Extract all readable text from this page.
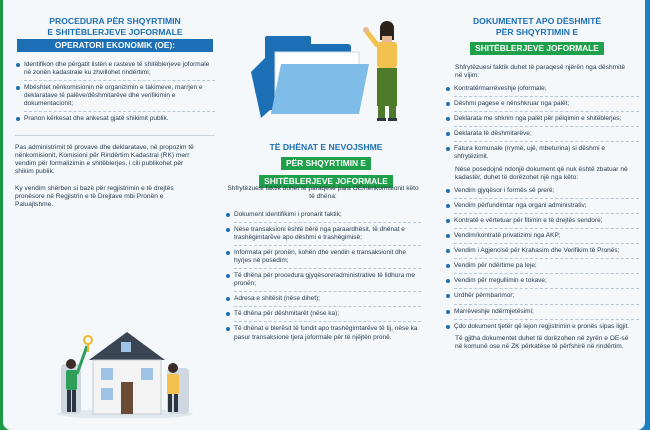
PROCEDURA PËR SHQYRTIMIN
E SHITËBLERJEVE JOFORMALE
OPERATORI EKONOMIK (OE):
Identifikon dhe përgatit listën e rasteve të shitëblerjeve joformale në zonën kadastrale ku zhvillohet rindërtimi;
Mbështet nënkomisionin në organizimin e takimeve, marrjen e deklaratave të palëve/dëshmitarëve dhe verifikimin e dokumentacionit;
Pranon kërkesat dhe ankesat gjatë shikimit publik.

Pas administrimit të provave dhe deklaratave, në propozim të nënkomisionit, Komisioni për Rindërtim Kadastral (RK) merr vendim për formalizimin e shitëblerjes, i cili publikohet për shikim publik.

Ky vendim shërben si bazë për regjistrimin e të drejtës pronësore në Regjistrin e të Drejtave mbi Pronën e Paluajtshme.

TË DHËNAT E NEVOJSHME
PËR SHQYRTIMIN E
SHITËBLERJEVE JOFORMALE

Shfrytëzuesi faktik duhet të paraqesë para OE/nënkomisionit këto të dhëna:

Dokument identifikimi i pronarit faktik;
Nëse transaksioni është bërë nga paraardhësit, të dhënat e trashëgimtarëve apo dëshmi e trashëgimisë;
Informata për pronën, kohën dhe vendin e transaksionit dhe hyrjes në posedim;
Të dhëna për procedura gjyqësore/administrative të lidhura me pronën;
Adresa e shitësit (nëse dihet);
Të dhëna për dëshmitarët (nëse ka);
Të dhënat e blerësit të fundit apo trashëgimtarëve të tij, nëse ka pasur transaksione tjera joformale për të njëjtën pronë.
DOKUMENTET APO DËSHMITË
PËR SHQYRTIMIN E
SHITËBLERJEVE JOFORMALE

Shfrytëzuesi faktik duhet të paraqesë njërën nga dëshmitë në vijim:

Kontratë/marrëveshje joformale;
Dëshmi pagese e nënshkruar nga palët;
Deklarata me shkrim nga palët për pëlqimin e shitëblerjes;
Deklarata të dëshmitarëve;
Fatura komunale (rrymë, ujë, mbeturina) si dëshmi e shfrytëzimit.

Nëse posedojnë ndonjë dokument që nuk është zbatuar në kadastër, duhet të dorëzohet një nga këto:

Vendim gjyqësor i formës së prerë;
Vendim përfundimtar nga organi administrativ;
Kontratë e vërtetuar për fitimin e të drejtës sendore;
Vendim/kontratë privatizimi nga AKP;
Vendim i Agjencisë për Krahasim dhe Verifikim të Pronës;
Vendim për ndërtime pa leje;
Vendim për rregullimin e tokave;
Urdhër përmbarimor;
Marrëveshje ndërmjetësimi;
Çdo dokument tjetër që lejon regjistrimin e pronës sipas ligjit.

Të gjitha dokumentet duhet të dorëzohen në zyrën e OE-së në komunë ose në ZK përkatëse të përfshirë në rindërtim.
